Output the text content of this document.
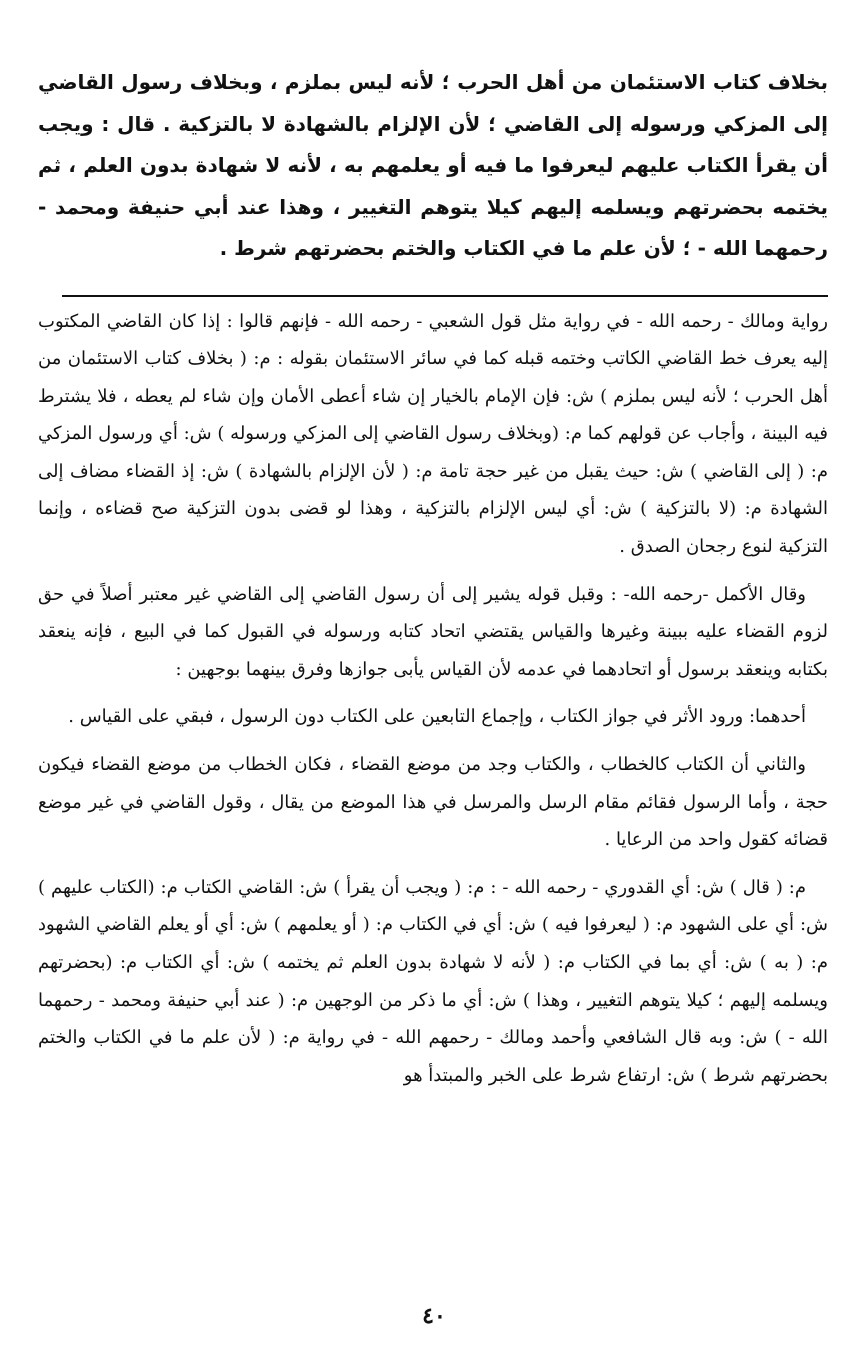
بخلاف كتاب الاستئمان من أهل الحرب ؛ لأنه ليس بملزم ، وبخلاف رسول القاضي إلى المزكي ورسوله إلى القاضي ؛ لأن الإلزام بالشهادة لا بالتزكية . قال : ويجب أن يقرأ الكتاب عليهم ليعرفوا ما فيه أو يعلمهم به ، لأنه لا شهادة بدون العلم ، ثم يختمه بحضرتهم ويسلمه إليهم كيلا يتوهم التغيير ، وهذا عند أبي حنيفة ومحمد - رحمهما الله - ؛ لأن علم ما في الكتاب والختم بحضرتهم شرط .

رواية ومالك - رحمه الله - في رواية مثل قول الشعبي - رحمه الله - فإنهم قالوا : إذا كان القاضي المكتوب إليه يعرف خط القاضي الكاتب وختمه قبله كما في سائر الاستئمان بقوله : م: ( بخلاف كتاب الاستئمان من أهل الحرب ؛ لأنه ليس بملزم ) ش: فإن الإمام بالخيار إن شاء أعطى الأمان وإن شاء لم يعطه ، فلا يشترط فيه البينة ، وأجاب عن قولهم كما م: (وبخلاف رسول القاضي إلى المزكي ورسوله ) ش: أي ورسول المزكي م: ( إلى القاضي ) ش: حيث يقبل من غير حجة تامة م: ( لأن الإلزام بالشهادة ) ش: إذ القضاء مضاف إلى الشهادة م: (لا بالتزكية ) ش: أي ليس الإلزام بالتزكية ، وهذا لو قضى بدون التزكية صح قضاءه ، وإنما التزكية لنوع رجحان الصدق .

وقال الأكمل -رحمه الله- : وقبل قوله يشير إلى أن رسول القاضي إلى القاضي غير معتبر أصلاً في حق لزوم القضاء عليه ببينة وغيرها والقياس يقتضي اتحاد كتابه ورسوله في القبول كما في البيع ، فإنه ينعقد بكتابه وينعقد برسول أو اتحادهما في عدمه لأن القياس يأبى جوازها وفرق بينهما بوجهين :

أحدهما: ورود الأثر في جواز الكتاب ، وإجماع التابعين على الكتاب دون الرسول ، فبقي على القياس .

والثاني أن الكتاب كالخطاب ، والكتاب وجد من موضع القضاء ، فكان الخطاب من موضع القضاء فيكون حجة ، وأما الرسول فقائم مقام الرسل والمرسل في هذا الموضع من يقال ، وقول القاضي في غير موضع قضائه كقول واحد من الرعايا .

م: ( قال ) ش: أي القدوري - رحمه الله - : م: ( ويجب أن يقرأ ) ش: القاضي الكتاب م: (الكتاب عليهم ) ش: أي على الشهود م: ( ليعرفوا فيه ) ش: أي في الكتاب م: ( أو يعلمهم ) ش: أي أو يعلم القاضي الشهود م: ( به ) ش: أي بما في الكتاب م: ( لأنه لا شهادة بدون العلم ثم يختمه ) ش: أي الكتاب م: (بحضرتهم ويسلمه إليهم ؛ كيلا يتوهم التغيير ، وهذا ) ش: أي ما ذكر من الوجهين م: ( عند أبي حنيفة ومحمد - رحمهما الله - ) ش: وبه قال الشافعي وأحمد ومالك - رحمهم الله - في رواية م: ( لأن علم ما في الكتاب والختم بحضرتهم شرط ) ش: ارتفاع شرط على الخبر والمبتدأ هو

٤٠
